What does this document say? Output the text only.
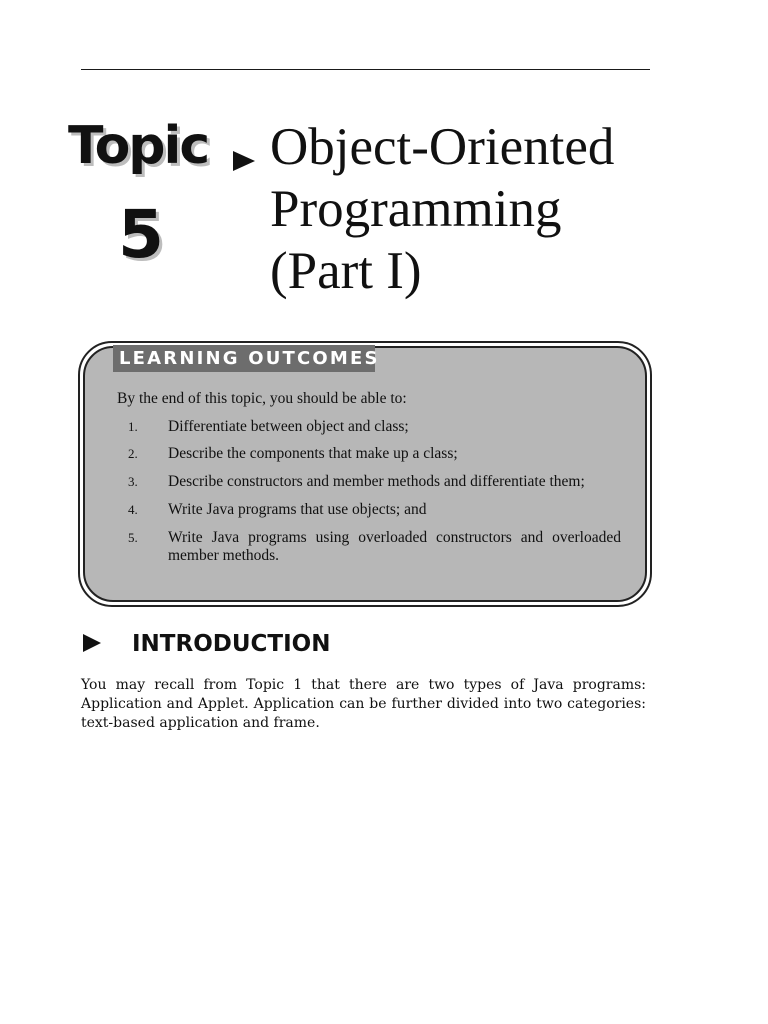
Topic
5
Object-Oriented
Programming
(Part I)
LEARNING OUTCOMES
By the end of this topic, you should be able to:
1.	Differentiate between object and class;
2.	Describe the components that make up a class;
3.	Describe constructors and member methods and differentiate them;
4.	Write Java programs that use objects; and
5.	Write Java programs using overloaded constructors and overloaded member methods.
INTRODUCTION
You may recall from Topic 1 that there are two types of Java programs: Application and Applet. Application can be further divided into two categories: text-based application and frame.
